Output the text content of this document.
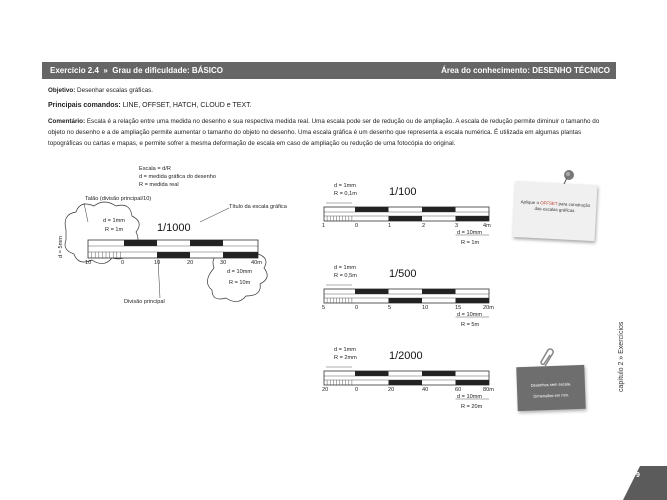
Exercício 2.4 » Grau de dificuldade: BÁSICO	Área do conhecimento: DESENHO TÉCNICO
Objetivo: Desenhar escalas gráficas.
Principais comandos: LINE, OFFSET, HATCH, CLOUD e TEXT.
Comentário: Escala é a relação entre uma medida no desenho e sua respectiva medida real. Uma escala pode ser de redução ou de ampliação. A escala de redução permite diminuir o tamanho do objeto no desenho e a de ampliação permite aumentar o tamanho do objeto no desenho. Uma escala gráfica é um desenho que representa a escala numérica. É utilizada em algumas plantas topográficas ou cartas e mapas, e permite sofrer a mesma deformação de escala em caso de ampliação ou redução de uma fotocópia do original.
Escala = d/R
d = medida gráfica do desenho
R = medida real
Talão (divisão principal/10)
Título da escala gráfica
d = 1mm
R = 1m	1/1000
d = 5mm
d = 10mm
R = 10m
Divisão principal
10	0	10	20	30	40m
d = 1mm
R = 0,1m	1/100
1	0	1	2	3	4m
d = 10mm
R = 1m
d = 1mm
R = 0,5m	1/500
5	0	5	10	15	20m
d = 10mm
R = 5m
d = 1mm
R = 2mm	1/2000
20	0	20	40	60	80m
d = 10mm
R = 20m
Aplique o OFFSET para construção das escalas gráficas.
Desenhos sem escala.
Dimensões em mm.
capítulo 2 » Exercícios
9
